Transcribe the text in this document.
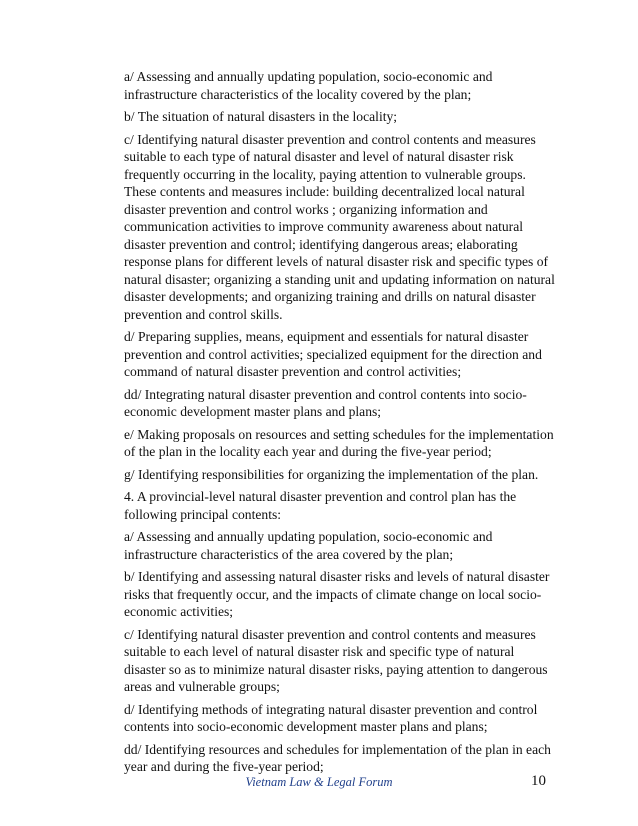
a/ Assessing and annually updating population, socio-economic and infrastructure characteristics of the locality covered by the plan;

b/ The situation of natural disasters in the locality;

c/ Identifying natural disaster prevention and control contents and measures suitable to each type of natural disaster and level of natural disaster risk frequently occurring in the locality, paying attention to vulnerable groups. These contents and measures include: building decentralized local natural disaster prevention and control works ; organizing information and communication activities to improve community awareness about natural disaster prevention and control; identifying dangerous areas; elaborating response plans for different levels of natural disaster risk and specific types of natural disaster; organizing a standing unit and updating information on natural disaster developments; and organizing training and drills on natural disaster prevention and control skills.

d/ Preparing supplies, means, equipment and essentials for natural disaster prevention and control activities; specialized equipment for the direction and command of natural disaster prevention and control activities;

dd/ Integrating natural disaster prevention and control contents into socio-economic development master plans and plans;

e/ Making proposals on resources and setting schedules for the implementation of the plan in the locality each year and during the five-year period;

g/ Identifying responsibilities for organizing the implementation of the plan.

4. A provincial-level natural disaster prevention and control plan has the following principal contents:

a/ Assessing and annually updating population, socio-economic and infrastructure characteristics of the area covered by the plan;

b/ Identifying and assessing natural disaster risks and levels of natural disaster risks that frequently occur, and the impacts of climate change on local socio-economic activities;

c/ Identifying natural disaster prevention and control contents and measures suitable to each level of natural disaster risk and specific type of natural disaster so as to minimize natural disaster risks, paying attention to dangerous areas and vulnerable groups;

d/ Identifying methods of integrating natural disaster prevention and control contents into socio-economic development master plans and plans;

dd/ Identifying resources and schedules for implementation of the plan in each year and during the five-year period;

Vietnam Law & Legal Forum	10
